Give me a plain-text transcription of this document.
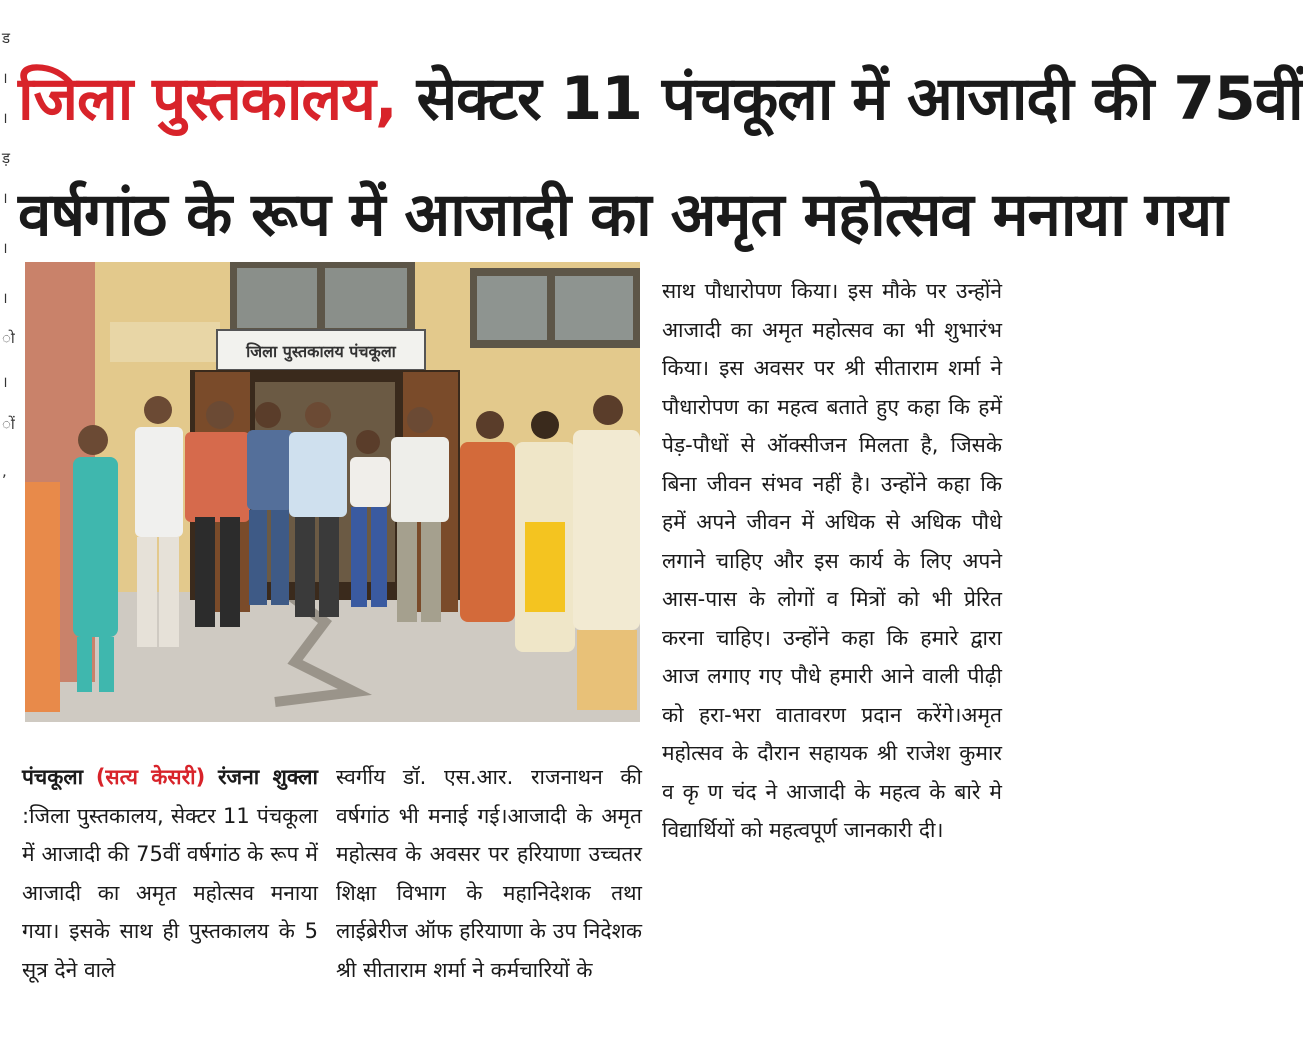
ड
।
।
ड़
।
।
।
ो
।
ों
,
जिला पुस्तकालय, सेक्टर 11 पंचकूला में आजादी की 75वीं
वर्षगांठ के रूप में आजादी का अमृत महोत्सव मनाया गया
जिला पुस्तकालय पंचकूला

पंचकूला (सत्य केसरी) रंजना शुक्ला :जिला पुस्तकालय, सेक्टर 11 पंचकूला में आजादी की 75वीं वर्षगांठ के रूप में आजादी का अमृत महोत्सव मनाया गया। इसके साथ ही पुस्तकालय के 5 सूत्र देने वाले

स्वर्गीय डॉ. एस.आर. राजनाथन की वर्षगांठ भी मनाई गई।आजादी के अमृत महोत्सव के अवसर पर हरियाणा उच्चतर शिक्षा विभाग के महानिदेशक तथा लाईब्रेरीज ऑफ हरियाणा के उप निदेशक श्री सीताराम शर्मा ने कर्मचारियों के

साथ पौधारोपण किया। इस मौके पर उन्होंने आजादी का अमृत महोत्सव का भी शुभारंभ किया। इस अवसर पर श्री सीताराम शर्मा ने पौधारोपण का महत्व बताते हुए कहा कि हमें पेड़-पौधों से ऑक्सीजन मिलता है, जिसके बिना जीवन संभव नहीं है। उन्होंने कहा कि हमें अपने जीवन में अधिक से अधिक पौधे लगाने चाहिए और इस कार्य के लिए अपने आस-पास के लोगों व मित्रों को भी प्रेरित करना चाहिए। उन्होंने कहा कि हमारे द्वारा आज लगाए गए पौधे हमारी आने वाली पीढ़ी को हरा-भरा वातावरण प्रदान करेंगे।अमृत महोत्सव के दौरान सहायक श्री राजेश कुमार व कृ ण चंद ने आजादी के महत्व के बारे मे विद्यार्थियों को महत्वपूर्ण जानकारी दी।
